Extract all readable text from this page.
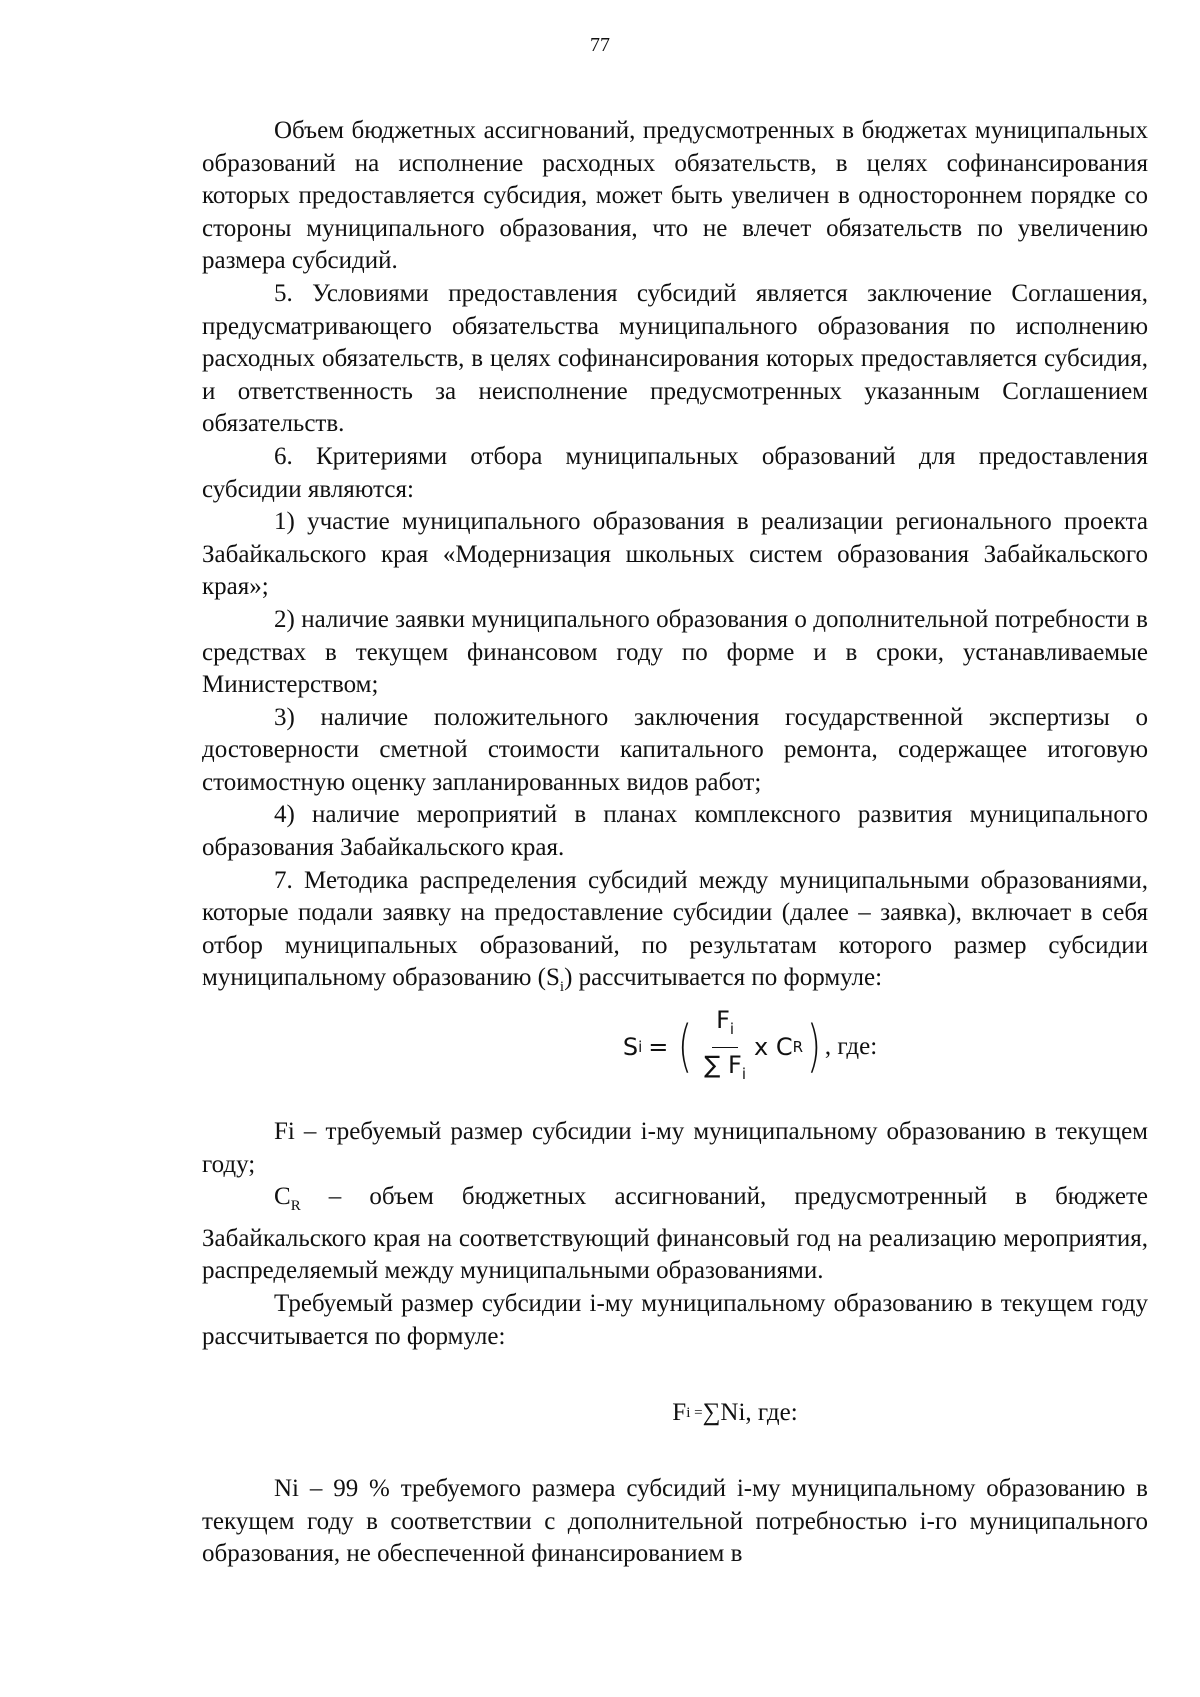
77

Объем бюджетных ассигнований, предусмотренных в бюджетах муниципальных образований на исполнение расходных обязательств, в целях софинансирования которых предоставляется субсидия, может быть увеличен в одностороннем порядке со стороны муниципального образования, что не влечет обязательств по увеличению размера субсидий.

5. Условиями предоставления субсидий является заключение Соглашения, предусматривающего обязательства муниципального образования по исполнению расходных обязательств, в целях софинансирования которых предоставляется субсидия, и ответственность за неисполнение предусмотренных указанным Соглашением обязательств.

6. Критериями отбора муниципальных образований для предоставления субсидии являются:

1) участие муниципального образования в реализации регионального проекта Забайкальского края «Модернизация школьных систем образования Забайкальского края»;

2) наличие заявки муниципального образования о дополнительной потребности в средствах в текущем финансовом году по форме и в сроки, устанавливаемые Министерством;

3) наличие положительного заключения государственной экспертизы о достоверности сметной стоимости капитального ремонта, содержащее итоговую стоимостную оценку запланированных видов работ;

4) наличие мероприятий в планах комплексного развития муниципального образования Забайкальского края.

7. Методика распределения субсидий между муниципальными образованиями, которые подали заявку на предоставление субсидии (далее – заявка), включает в себя отбор муниципальных образований, по результатам которого размер субсидии муниципальному образованию $(S_i)$ рассчитывается по формуле:

S i = ( $\frac{F_i}{\sum F_i}$ x C R ) , где:

Fi – требуемый размер субсидии i-му муниципальному образованию в текущем году;

$C_R$ – объем бюджетных ассигнований, предусмотренный в бюджете Забайкальского края на соответствующий финансовый год на реализацию мероприятия, распределяемый между муниципальными образованиями.

Требуемый размер субсидии i-му муниципальному образованию в текущем году рассчитывается по формуле:

F i = ∑Ni, где:

Ni – 99 % требуемого размера субсидий i-му муниципальному образованию в текущем году в соответствии с дополнительной потребностью i-го муниципального образования, не обеспеченной финансированием в
